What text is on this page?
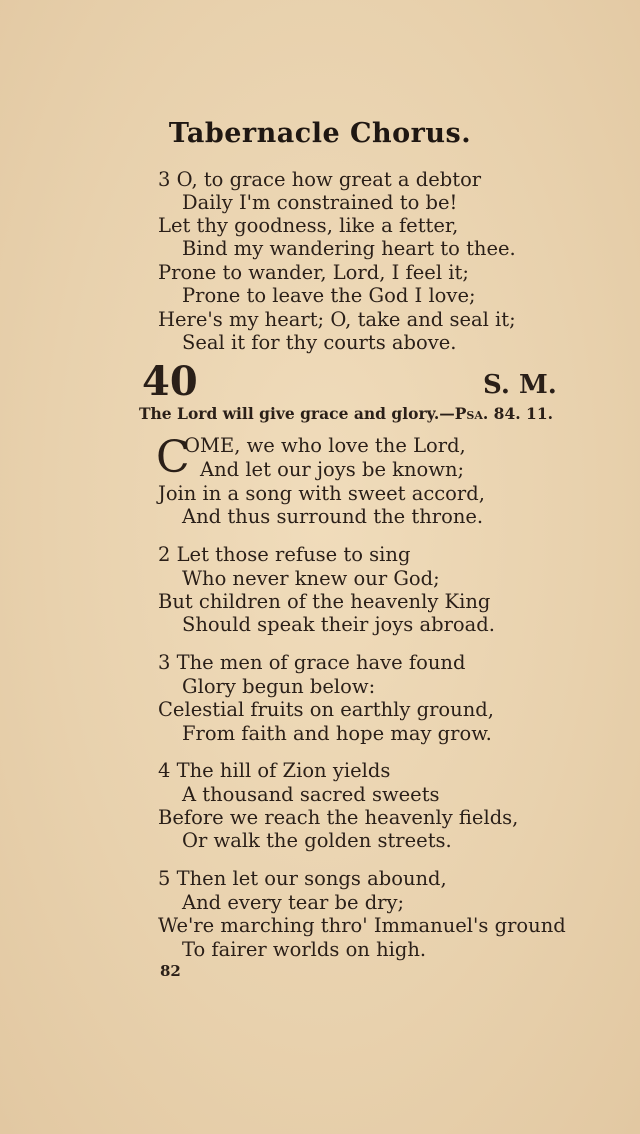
Tabernacle Chorus.
3 O, to grace how great a debtor
Daily I'm constrained to be!
Let thy goodness, like a fetter,
Bind my wandering heart to thee.
Prone to wander, Lord, I feel it;
Prone to leave the God I love;
Here's my heart; O, take and seal it;
Seal it for thy courts above.
40	S. M.
The Lord will give grace and glory.—Psa. 84. 11.
C
OME, we who love the Lord,
And let our joys be known;
Join in a song with sweet accord,
And thus surround the throne.
2 Let those refuse to sing
Who never knew our God;
But children of the heavenly King
Should speak their joys abroad.
3 The men of grace have found
Glory begun below:
Celestial fruits on earthly ground,
From faith and hope may grow.
4 The hill of Zion yields
A thousand sacred sweets
Before we reach the heavenly fields,
Or walk the golden streets.
5 Then let our songs abound,
And every tear be dry;
We're marching thro' Immanuel's ground
To fairer worlds on high.
82
